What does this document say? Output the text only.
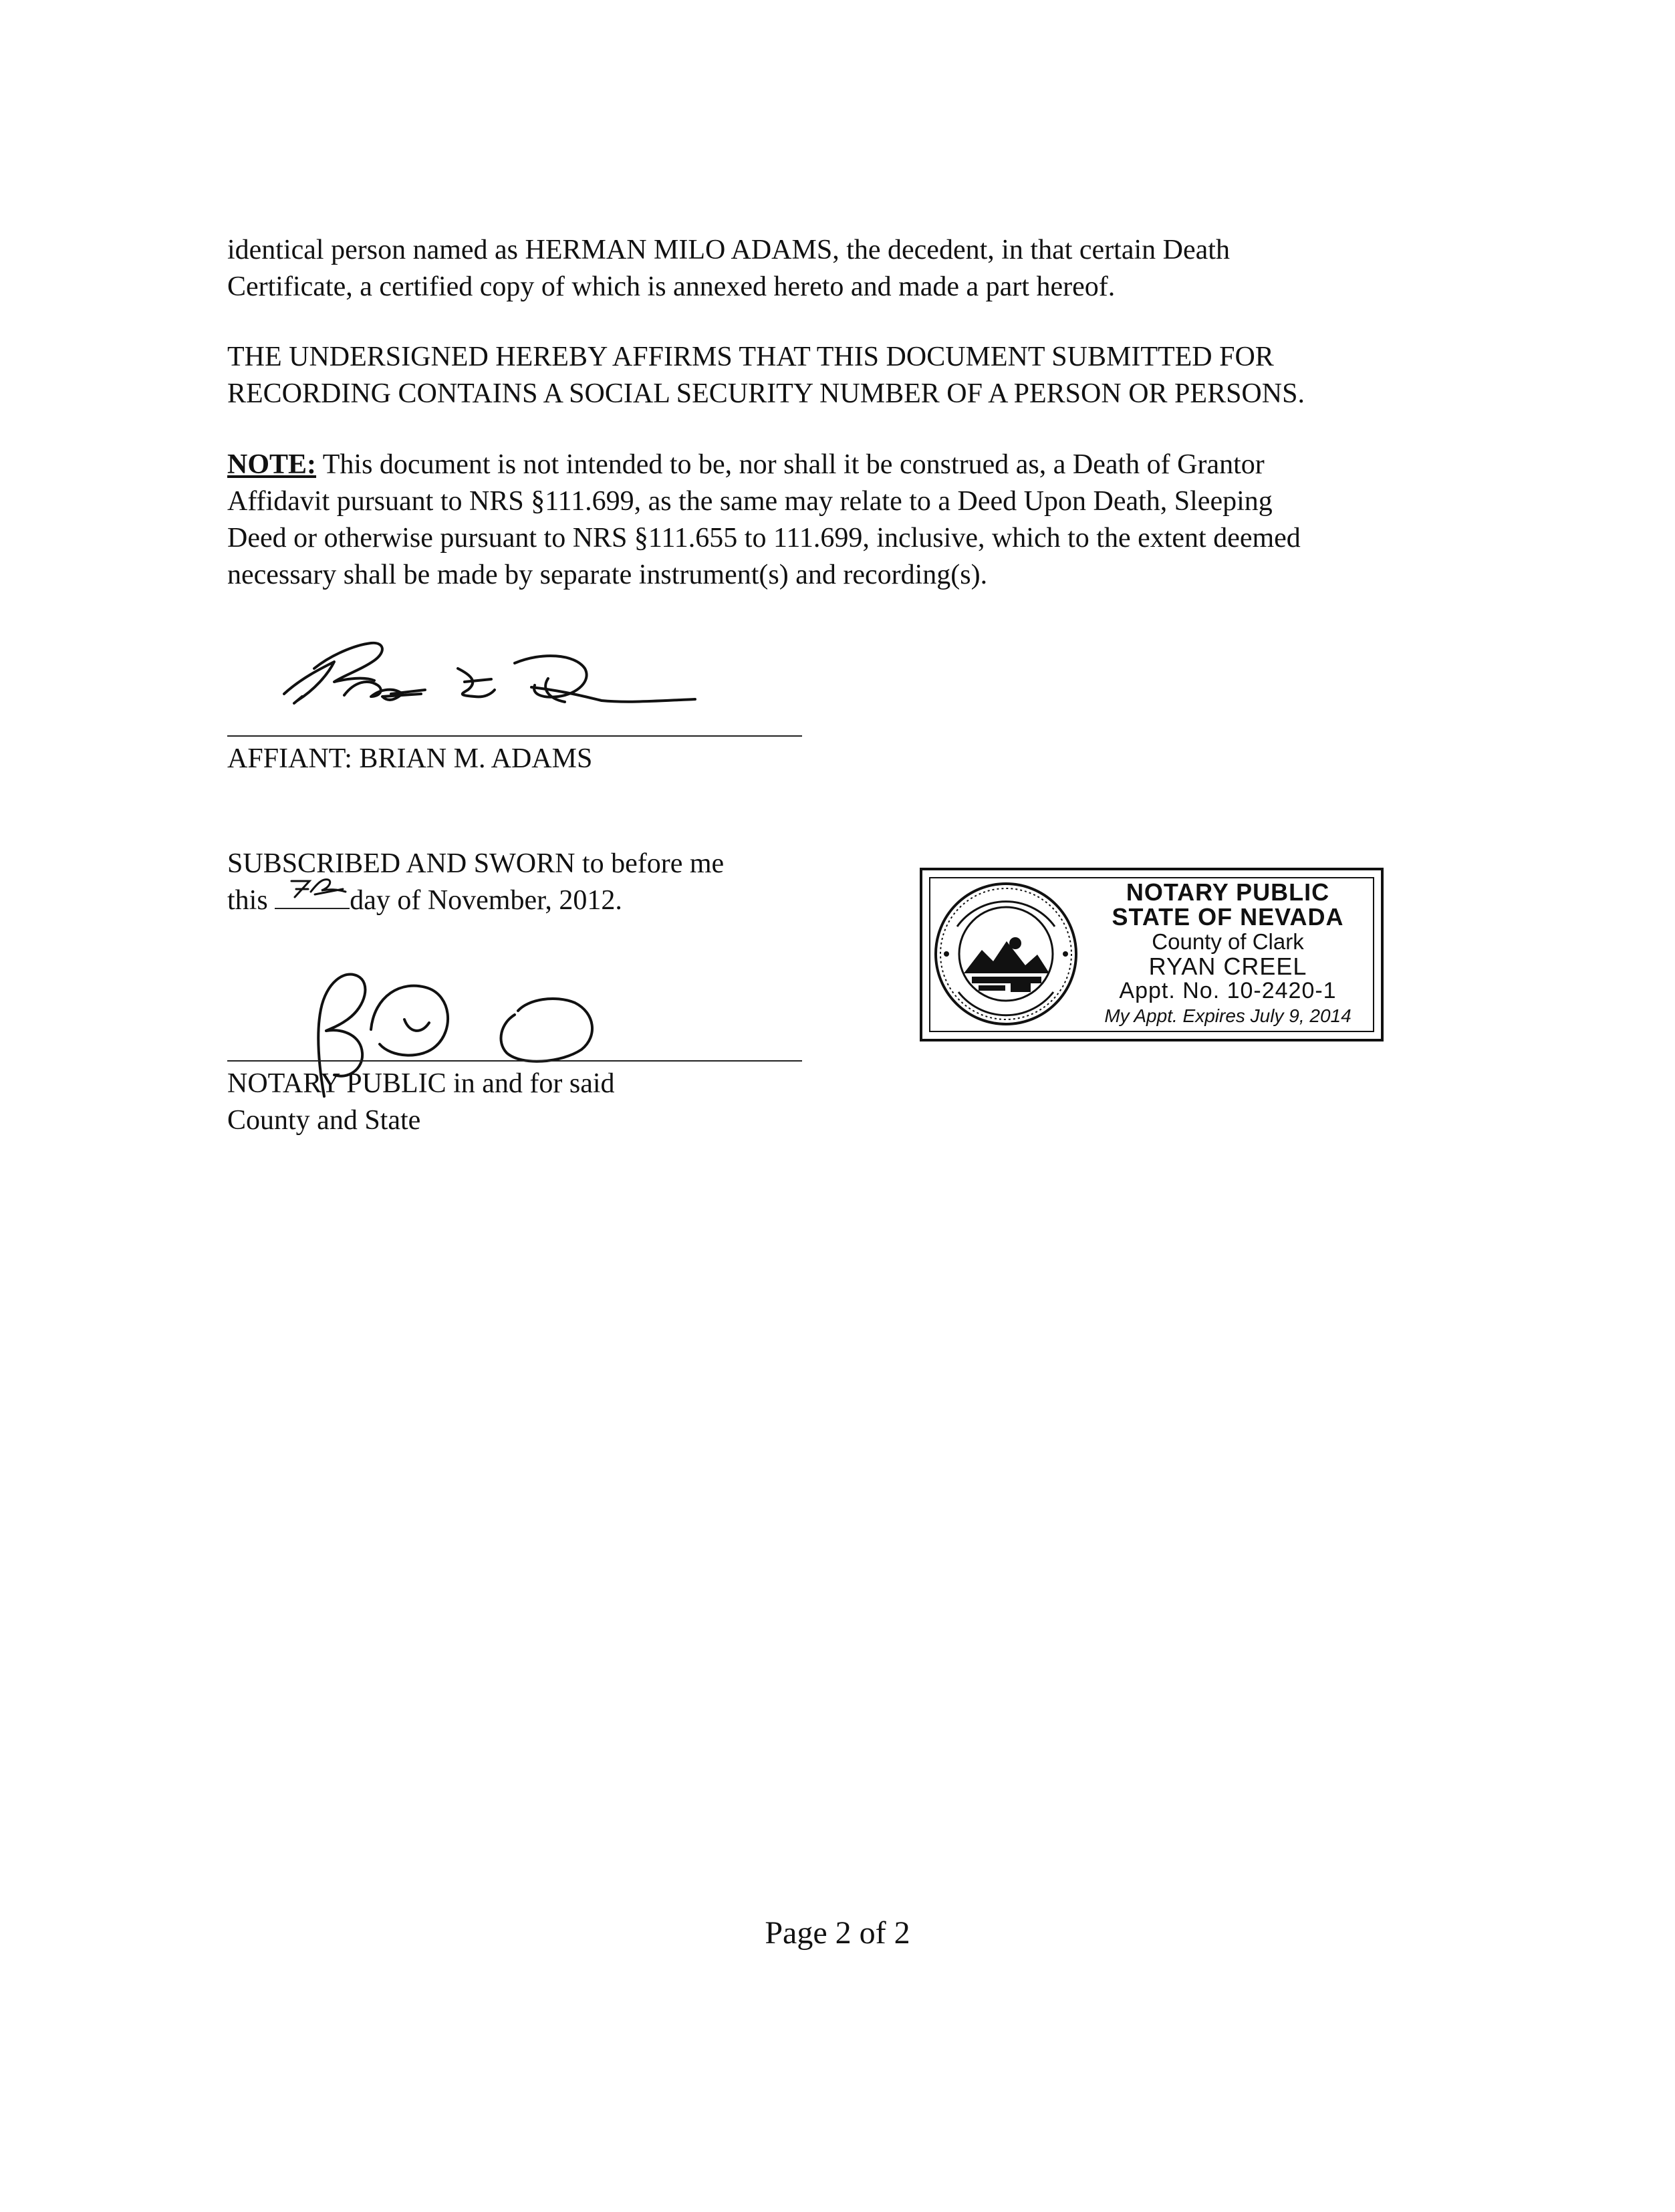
identical person named as HERMAN MILO ADAMS, the decedent, in that certain Death
Certificate, a certified copy of which is annexed hereto and made a part hereof.

THE UNDERSIGNED HEREBY AFFIRMS THAT THIS DOCUMENT SUBMITTED FOR
RECORDING CONTAINS A SOCIAL SECURITY NUMBER OF A PERSON OR PERSONS.

NOTE: This document is not intended to be, nor shall it be construed as, a Death of Grantor
Affidavit pursuant to NRS §111.699, as the same may relate to a Deed Upon Death, Sleeping
Deed or otherwise pursuant to NRS §111.655 to 111.699, inclusive, which to the extent deemed
necessary shall be made by separate instrument(s) and recording(s).

AFFIANT: BRIAN M. ADAMS
SUBSCRIBED AND SWORN to before me
this	day of November, 2012.
NOTARY PUBLIC in and for said
County and State
NOTARY PUBLIC
STATE OF NEVADA
County of Clark
RYAN CREEL
Appt. No. 10-2420-1
My Appt. Expires July 9, 2014
Page 2 of 2
